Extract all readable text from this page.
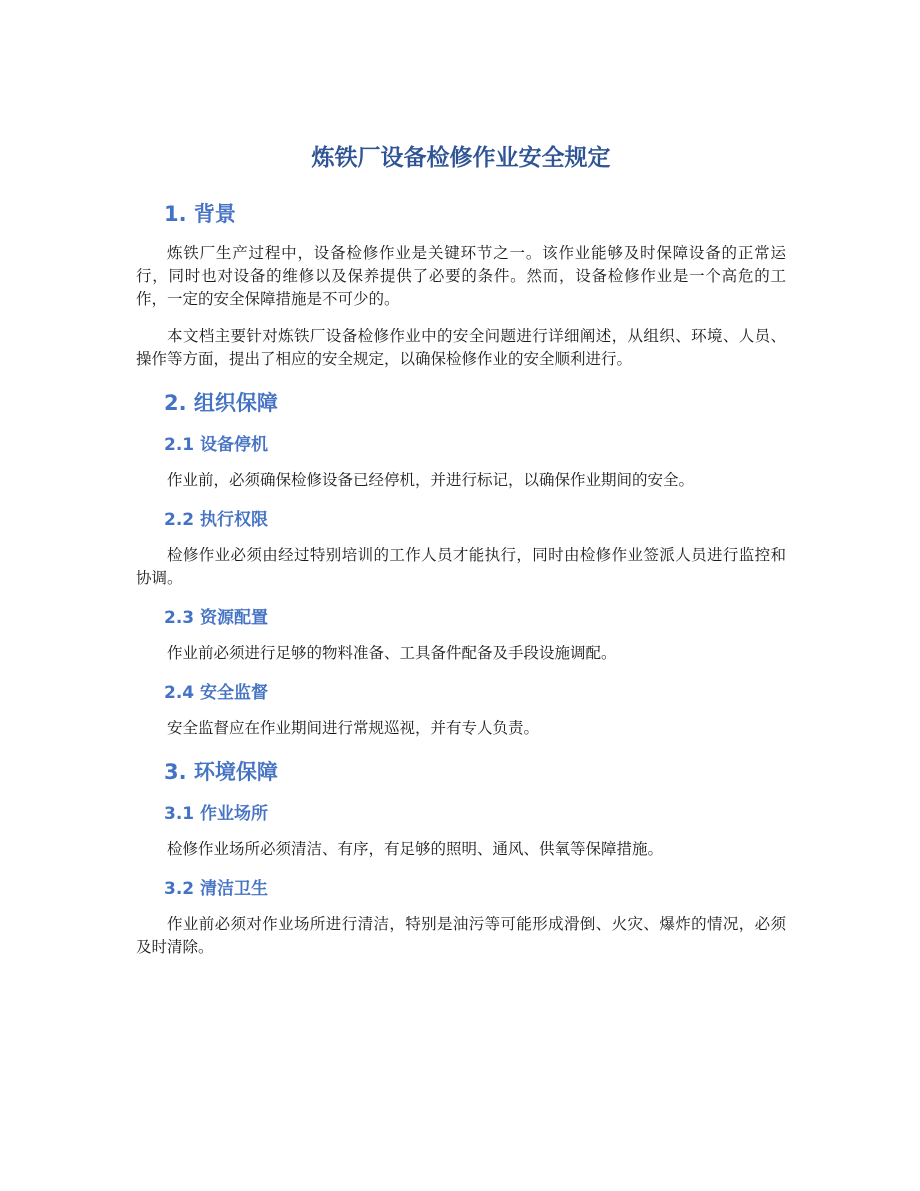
炼铁厂设备检修作业安全规定
1. 背景

炼铁厂生产过程中，设备检修作业是关键环节之一。该作业能够及时保障设备的正常运行，同时也对设备的维修以及保养提供了必要的条件。然而，设备检修作业是一个高危的工作，一定的安全保障措施是不可少的。

本文档主要针对炼铁厂设备检修作业中的安全问题进行详细阐述，从组织、环境、人员、操作等方面，提出了相应的安全规定，以确保检修作业的安全顺利进行。

2. 组织保障
2.1 设备停机

作业前，必须确保检修设备已经停机，并进行标记，以确保作业期间的安全。

2.2 执行权限

检修作业必须由经过特别培训的工作人员才能执行，同时由检修作业签派人员进行监控和协调。

2.3 资源配置

作业前必须进行足够的物料准备、工具备件配备及手段设施调配。

2.4 安全监督

安全监督应在作业期间进行常规巡视，并有专人负责。

3. 环境保障
3.1 作业场所

检修作业场所必须清洁、有序，有足够的照明、通风、供氧等保障措施。

3.2 清洁卫生

作业前必须对作业场所进行清洁，特别是油污等可能形成滑倒、火灾、爆炸的情况，必须及时清除。
